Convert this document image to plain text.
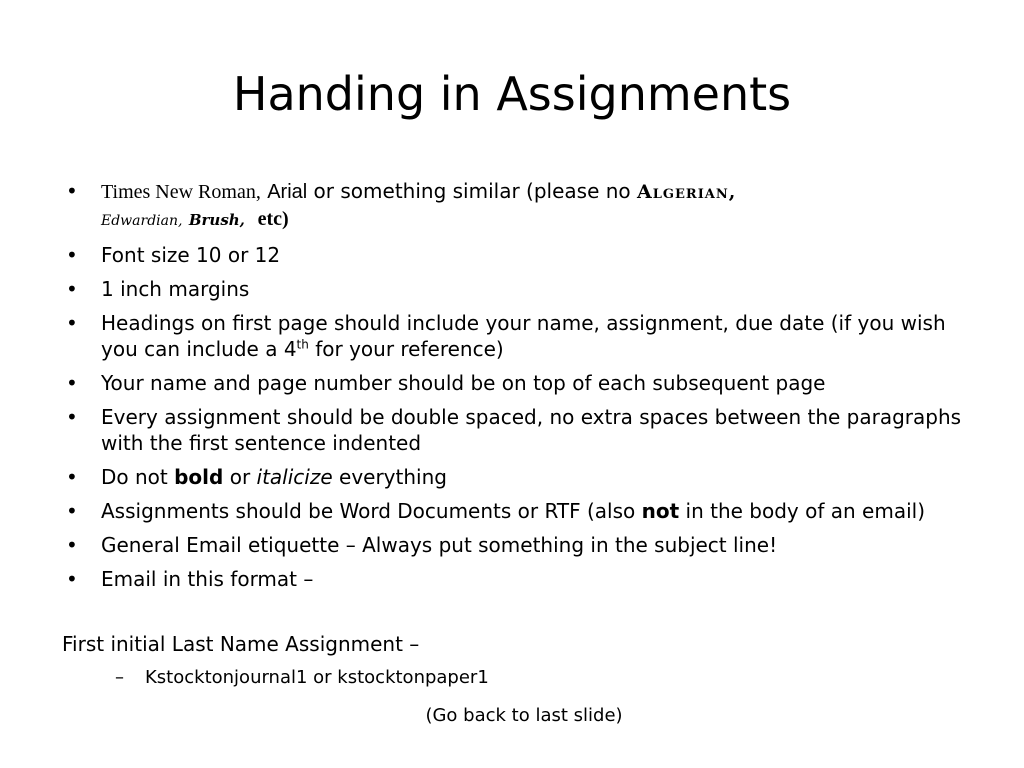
Handing in Assignments
• Times New Roman, Arial or something similar (please no Algerian,
Edwardian, Brush, etc)
• Font size 10 or 12
• 1 inch margins
• Headings on first page should include your name, assignment, due date (if you wish you can include a 4th for your reference)
• Your name and page number should be on top of each subsequent page
• Every assignment should be double spaced, no extra spaces between the paragraphs with the first sentence indented
• Do not bold or italicize everything
• Assignments should be Word Documents or RTF (also not in the body of an email)
• General Email etiquette – Always put something in the subject line!
• Email in this format –
First initial Last Name Assignment –
– Kstocktonjournal1 or kstocktonpaper1
(Go back to last slide)
